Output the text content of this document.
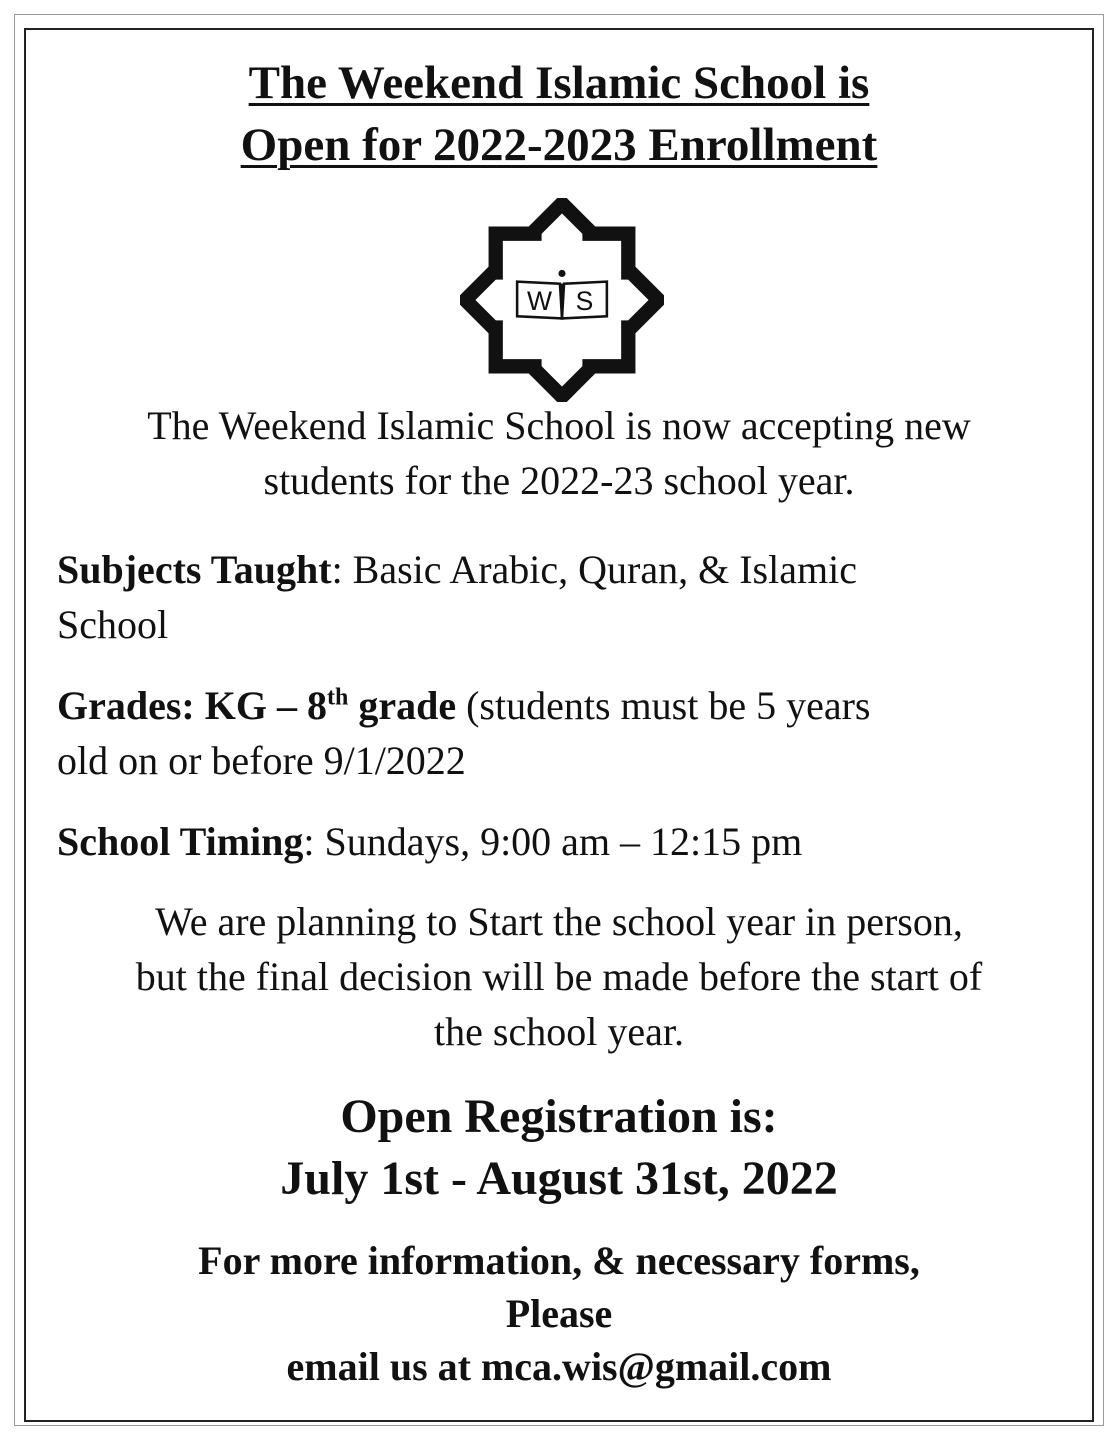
The Weekend Islamic School is
Open for 2022-2023 Enrollment
W S
The Weekend Islamic School is now accepting new
students for the 2022-23 school year.
Subjects Taught: Basic Arabic, Quran, & Islamic
School
Grades: KG – 8th grade (students must be 5 years
old on or before 9/1/2022
School Timing: Sundays, 9:00 am – 12:15 pm
We are planning to Start the school year in person,
but the final decision will be made before the start of
the school year.
Open Registration is:
July 1st - August 31st, 2022
For more information, & necessary forms,
Please
email us at mca.wis@gmail.com
